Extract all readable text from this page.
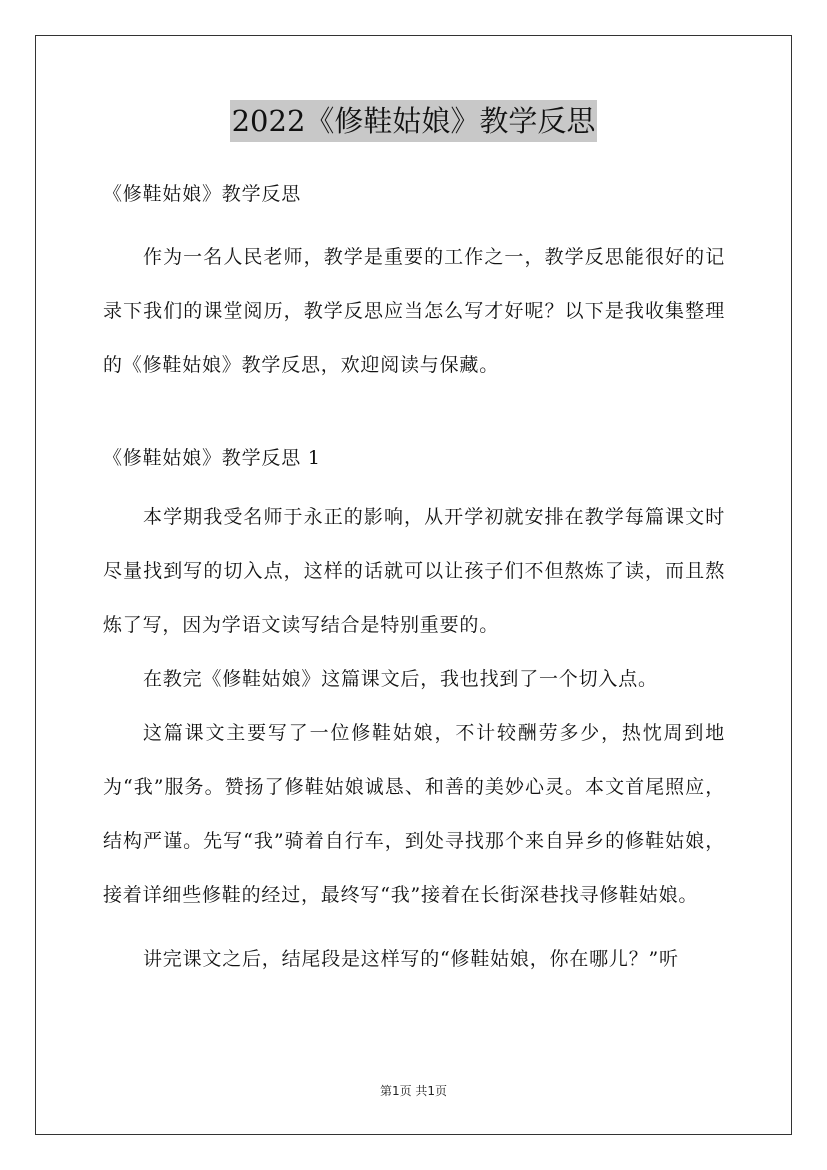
2022《修鞋姑娘》教学反思
《修鞋姑娘》教学反思

作为一名人民老师，教学是重要的工作之一，教学反思能很好的记录下我们的课堂阅历，教学反思应当怎么写才好呢？以下是我收集整理的《修鞋姑娘》教学反思，欢迎阅读与保藏。

《修鞋姑娘》教学反思 1

本学期我受名师于永正的影响，从开学初就安排在教学每篇课文时尽量找到写的切入点，这样的话就可以让孩子们不但熬炼了读，而且熬炼了写，因为学语文读写结合是特别重要的。

在教完《修鞋姑娘》这篇课文后，我也找到了一个切入点。

这篇课文主要写了一位修鞋姑娘，不计较酬劳多少，热忱周到地为“我”服务。赞扬了修鞋姑娘诚恳、和善的美妙心灵。本文首尾照应，结构严谨。先写“我”骑着自行车，到处寻找那个来自异乡的修鞋姑娘，接着详细些修鞋的经过，最终写“我”接着在长街深巷找寻修鞋姑娘。

讲完课文之后，结尾段是这样写的“修鞋姑娘，你在哪儿？”听

第1页 共1页
